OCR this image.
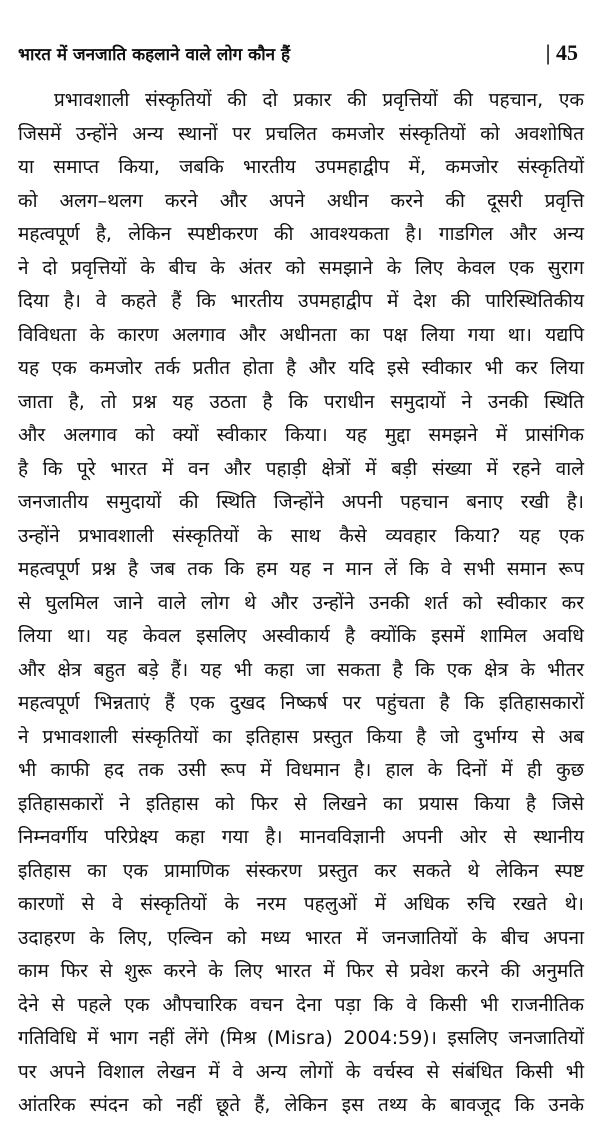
भारत में जनजाति कहलाने वाले लोग कौन हैं	| 45
प्रभावशाली संस्कृतियों की दो प्रकार की प्रवृत्तियों की पहचान, एक
जिसमें उन्होंने अन्य स्थानों पर प्रचलित कमजोर संस्कृतियों को अवशोषित
या समाप्त किया, जबकि भारतीय उपमहाद्वीप में, कमजोर संस्कृतियों
को अलग–थलग करने और अपने अधीन करने की दूसरी प्रवृत्ति
महत्वपूर्ण है, लेकिन स्पष्टीकरण की आवश्यकता है। गाडगिल और अन्य
ने दो प्रवृत्तियों के बीच के अंतर को समझाने के लिए केवल एक सुराग
दिया है। वे कहते हैं कि भारतीय उपमहाद्वीप में देश की पारिस्थितिकीय
विविधता के कारण अलगाव और अधीनता का पक्ष लिया गया था। यद्यपि
यह एक कमजोर तर्क प्रतीत होता है और यदि इसे स्वीकार भी कर लिया
जाता है, तो प्रश्न यह उठता है कि पराधीन समुदायों ने उनकी स्थिति
और अलगाव को क्यों स्वीकार किया। यह मुद्दा समझने में प्रासंगिक
है कि पूरे भारत में वन और पहाड़ी क्षेत्रों में बड़ी संख्या में रहने वाले
जनजातीय समुदायों की स्थिति जिन्होंने अपनी पहचान बनाए रखी है।
उन्होंने प्रभावशाली संस्कृतियों के साथ कैसे व्यवहार किया? यह एक
महत्वपूर्ण प्रश्न है जब तक कि हम यह न मान लें कि वे सभी समान रूप
से घुलमिल जाने वाले लोग थे और उन्होंने उनकी शर्त को स्वीकार कर
लिया था। यह केवल इसलिए अस्वीकार्य है क्योंकि इसमें शामिल अवधि
और क्षेत्र बहुत बड़े हैं। यह भी कहा जा सकता है कि एक क्षेत्र के भीतर
महत्वपूर्ण भिन्नताएं हैं एक दुखद निष्कर्ष पर पहुंचता है कि इतिहासकारों
ने प्रभावशाली संस्कृतियों का इतिहास प्रस्तुत किया है जो दुर्भाग्य से अब
भी काफी हद तक उसी रूप में विधमान है। हाल के दिनों में ही कुछ
इतिहासकारों ने इतिहास को फिर से लिखने का प्रयास किया है जिसे
निम्नवर्गीय परिप्रेक्ष्य कहा गया है। मानवविज्ञानी अपनी ओर से स्थानीय
इतिहास का एक प्रामाणिक संस्करण प्रस्तुत कर सकते थे लेकिन स्पष्ट
कारणों से वे संस्कृतियों के नरम पहलुओं में अधिक रुचि रखते थे।
उदाहरण के लिए, एल्विन को मध्य भारत में जनजातियों के बीच अपना
काम फिर से शुरू करने के लिए भारत में फिर से प्रवेश करने की अनुमति
देने से पहले एक औपचारिक वचन देना पड़ा कि वे किसी भी राजनीतिक
गतिविधि में भाग नहीं लेंगे (मिश्र (Misra) 2004:59)। इसलिए जनजातियों
पर अपने विशाल लेखन में वे अन्य लोगों के वर्चस्व से संबंधित किसी भी
आंतरिक स्पंदन को नहीं छूते हैं, लेकिन इस तथ्य के बावजूद कि उनके
